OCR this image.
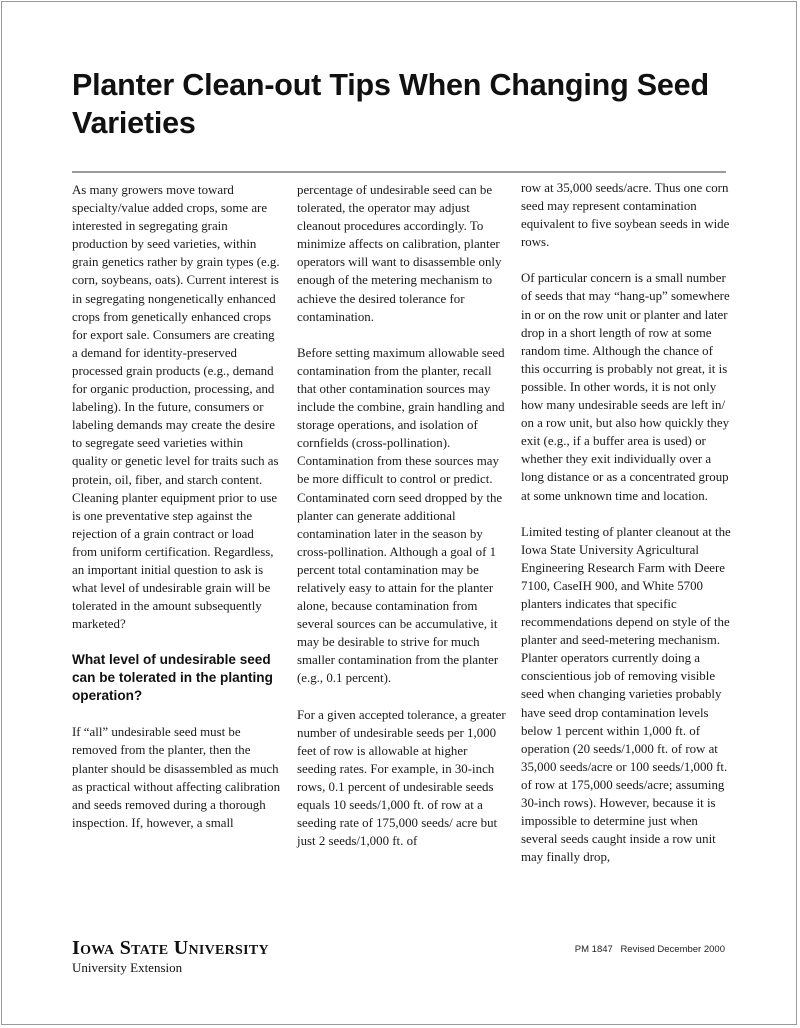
Planter Clean-out Tips When Changing Seed Varieties

As many growers move toward specialty/value added crops, some are interested in segregating grain production by seed varieties, within grain genetics rather by grain types (e.g. corn, soybeans, oats). Current interest is in segregating nongenetically enhanced crops from genetically enhanced crops for export sale. Consumers are creating a demand for identity-preserved processed grain products (e.g., demand for organic production, processing, and labeling). In the future, consumers or labeling demands may create the desire to segregate seed varieties within quality or genetic level for traits such as protein, oil, fiber, and starch content. Cleaning planter equipment prior to use is one preventative step against the rejection of a grain contract or load from uniform certification. Regardless, an important initial question to ask is what level of undesirable grain will be tolerated in the amount subsequently marketed?

What level of undesirable seed can be tolerated in the planting operation?

If “all” undesirable seed must be removed from the planter, then the planter should be disassembled as much as practical without affecting calibration and seeds removed during a thorough inspection. If, however, a small

percentage of undesirable seed can be tolerated, the operator may adjust cleanout procedures accordingly. To minimize affects on calibration, planter operators will want to disassemble only enough of the metering mechanism to achieve the desired tolerance for contamination.

Before setting maximum allowable seed contamination from the planter, recall that other contamination sources may include the combine, grain handling and storage operations, and isolation of cornfields (cross-pollination). Contamination from these sources may be more difficult to control or predict. Contaminated corn seed dropped by the planter can generate additional contamination later in the season by cross-pollination. Although a goal of 1 percent total contamination may be relatively easy to attain for the planter alone, because contamination from several sources can be accumulative, it may be desirable to strive for much smaller contamination from the planter (e.g., 0.1 percent).

For a given accepted tolerance, a greater number of undesirable seeds per 1,000 feet of row is allowable at higher seeding rates. For example, in 30-inch rows, 0.1 percent of undesirable seeds equals 10 seeds/1,000 ft. of row at a seeding rate of 175,000 seeds/ acre but just 2 seeds/1,000 ft. of

row at 35,000 seeds/acre. Thus one corn seed may represent contamination equivalent to five soybean seeds in wide rows.

Of particular concern is a small number of seeds that may “hang-up” somewhere in or on the row unit or planter and later drop in a short length of row at some random time. Although the chance of this occurring is probably not great, it is possible. In other words, it is not only how many undesirable seeds are left in/ on a row unit, but also how quickly they exit (e.g., if a buffer area is used) or whether they exit individually over a long distance or as a concentrated group at some unknown time and location.

Limited testing of planter cleanout at the Iowa State University Agricultural Engineering Research Farm with Deere 7100, CaseIH 900, and White 5700 planters indicates that specific recommendations depend on style of the planter and seed-metering mechanism. Planter operators currently doing a conscientious job of removing visible seed when changing varieties probably have seed drop contamination levels below 1 percent within 1,000 ft. of operation (20 seeds/1,000 ft. of row at 35,000 seeds/acre or 100 seeds/1,000 ft. of row at 175,000 seeds/acre; assuming 30-inch rows). However, because it is impossible to determine just when several seeds caught inside a row unit may finally drop,

Iowa State University
University Extension
PM 1847 Revised December 2000
